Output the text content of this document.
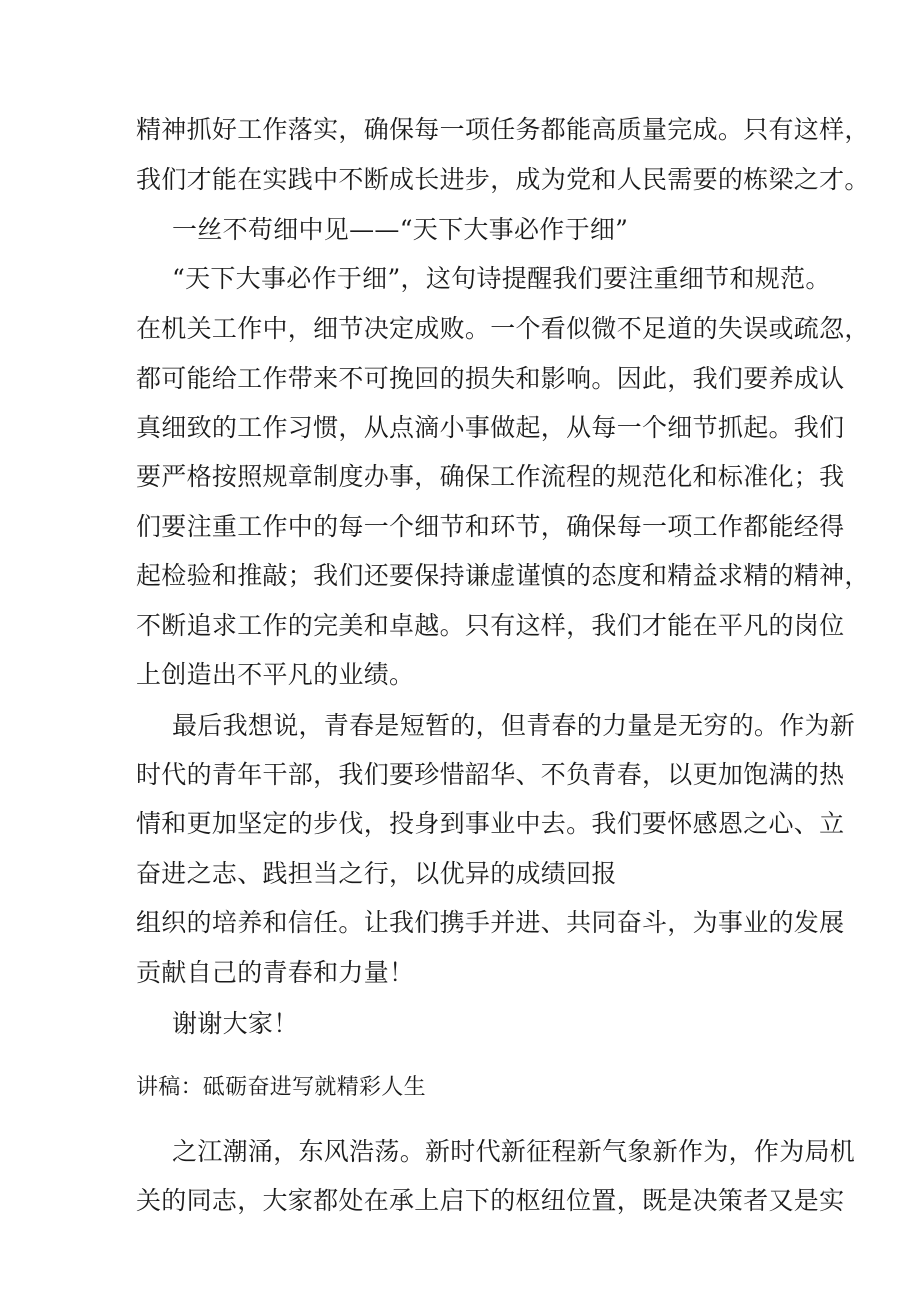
精神抓好工作落实，确保每一项任务都能高质量完成。只有这样，
我们才能在实践中不断成长进步，成为党和人民需要的栋梁之才。
一丝不苟细中见——“天下大事必作于细”
“天下大事必作于细”，这句诗提醒我们要注重细节和规范。
在机关工作中，细节决定成败。一个看似微不足道的失误或疏忽，
都可能给工作带来不可挽回的损失和影响。因此，我们要养成认
真细致的工作习惯，从点滴小事做起，从每一个细节抓起。我们
要严格按照规章制度办事，确保工作流程的规范化和标准化；我
们要注重工作中的每一个细节和环节，确保每一项工作都能经得
起检验和推敲；我们还要保持谦虚谨慎的态度和精益求精的精神，
不断追求工作的完美和卓越。只有这样，我们才能在平凡的岗位
上创造出不平凡的业绩。
最后我想说，青春是短暂的，但青春的力量是无穷的。作为新
时代的青年干部，我们要珍惜韶华、不负青春，以更加饱满的热
情和更加坚定的步伐，投身到事业中去。我们要怀感恩之心、立
奋进之志、践担当之行，以优异的成绩回报
组织的培养和信任。让我们携手并进、共同奋斗，为事业的发展
贡献自己的青春和力量！
谢谢大家！
讲稿：砥砺奋进写就精彩人生
之江潮涌，东风浩荡。新时代新征程新气象新作为，作为局机
关的同志，大家都处在承上启下的枢纽位置，既是决策者又是实
